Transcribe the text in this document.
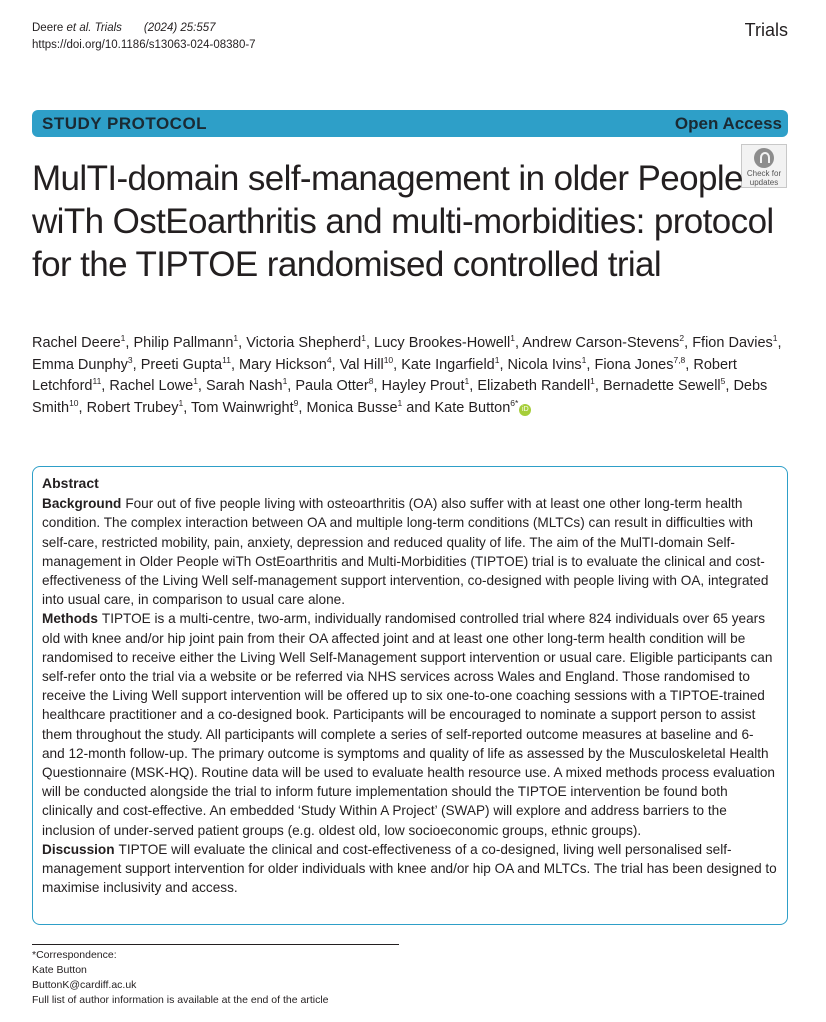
Deere et al. Trials (2024) 25:557
https://doi.org/10.1186/s13063-024-08380-7
Trials
STUDY PROTOCOL	Open Access
Check for
updates
MulTI-domain self-management in older People wiTh OstEoarthritis and multi-morbidities: protocol for the TIPTOE randomised controlled trial
Rachel Deere$^1$, Philip Pallmann$^1$, Victoria Shepherd$^1$, Lucy Brookes-Howell$^1$, Andrew Carson-Stevens$^2$, Ffion Davies$^1$, Emma Dunphy$^3$, Preeti Gupta$^{11}$, Mary Hickson$^4$, Val Hill$^{10}$, Kate Ingarfield$^1$, Nicola Ivins$^1$, Fiona Jones$^{7,8}$, Robert Letchford$^{11}$, Rachel Lowe$^1$, Sarah Nash$^1$, Paula Otter$^8$, Hayley Prout$^1$, Elizabeth Randell$^1$, Bernadette Sewell$^5$, Debs Smith$^{10}$, Robert Trubey$^1$, Tom Wainwright$^9$, Monica Busse$^1$ and Kate Button$^{6*}$iD
Abstract

Background Four out of five people living with osteoarthritis (OA) also suffer with at least one other long-term health condition. The complex interaction between OA and multiple long-term conditions (MLTCs) can result in difficulties with self-care, restricted mobility, pain, anxiety, depression and reduced quality of life. The aim of the MulTI-domain Self-management in Older People wiTh OstEoarthritis and Multi-Morbidities (TIPTOE) trial is to evaluate the clinical and cost-effectiveness of the Living Well self-management support intervention, co-designed with people living with OA, integrated into usual care, in comparison to usual care alone.

Methods TIPTOE is a multi-centre, two-arm, individually randomised controlled trial where 824 individuals over 65 years old with knee and/or hip joint pain from their OA affected joint and at least one other long-term health condition will be randomised to receive either the Living Well Self-Management support intervention or usual care. Eligible participants can self-refer onto the trial via a website or be referred via NHS services across Wales and England. Those randomised to receive the Living Well support intervention will be offered up to six one-to-one coaching sessions with a TIPTOE-trained healthcare practitioner and a co-designed book. Participants will be encouraged to nominate a support person to assist them throughout the study. All participants will complete a series of self-reported outcome measures at baseline and 6- and 12-month follow-up. The primary outcome is symptoms and quality of life as assessed by the Musculoskeletal Health Questionnaire (MSK-HQ). Routine data will be used to evaluate health resource use. A mixed methods process evaluation will be conducted alongside the trial to inform future implementation should the TIPTOE intervention be found both clinically and cost-effective. An embedded ‘Study Within A Project’ (SWAP) will explore and address barriers to the inclusion of under-served patient groups (e.g. oldest old, low socioeconomic groups, ethnic groups).

Discussion TIPTOE will evaluate the clinical and cost-effectiveness of a co-designed, living well personalised self-management support intervention for older individuals with knee and/or hip OA and MLTCs. The trial has been designed to maximise inclusivity and access.

*Correspondence:
Kate Button
ButtonK@cardiff.ac.uk
Full list of author information is available at the end of the article
